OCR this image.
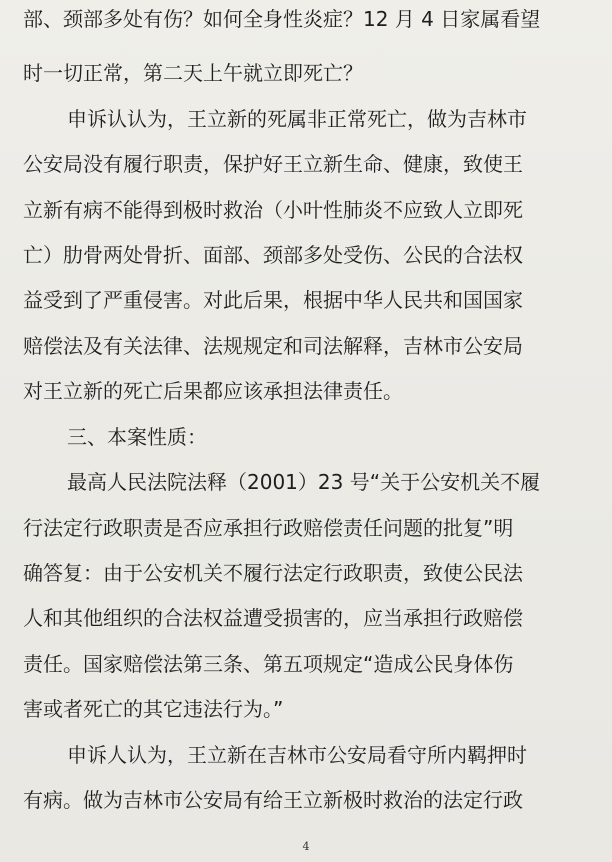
部、颈部多处有伤？如何全身性炎症？12 月 4 日家属看望
时一切正常，第二天上午就立即死亡？
申诉认认为，王立新的死属非正常死亡，做为吉林市
公安局没有履行职责，保护好王立新生命、健康，致使王
立新有病不能得到极时救治（小叶性肺炎不应致人立即死
亡）肋骨两处骨折、面部、颈部多处受伤、公民的合法权
益受到了严重侵害。对此后果，根据中华人民共和国国家
赔偿法及有关法律、法规规定和司法解释，吉林市公安局
对王立新的死亡后果都应该承担法律责任。
三、本案性质：
最高人民法院法释（2001）23 号“关于公安机关不履
行法定行政职责是否应承担行政赔偿责任问题的批复”明
确答复：由于公安机关不履行法定行政职责，致使公民法
人和其他组织的合法权益遭受损害的，应当承担行政赔偿
责任。国家赔偿法第三条、第五项规定“造成公民身体伤
害或者死亡的其它违法行为。”
申诉人认为，王立新在吉林市公安局看守所内羁押时
有病。做为吉林市公安局有给王立新极时救治的法定行政
4
